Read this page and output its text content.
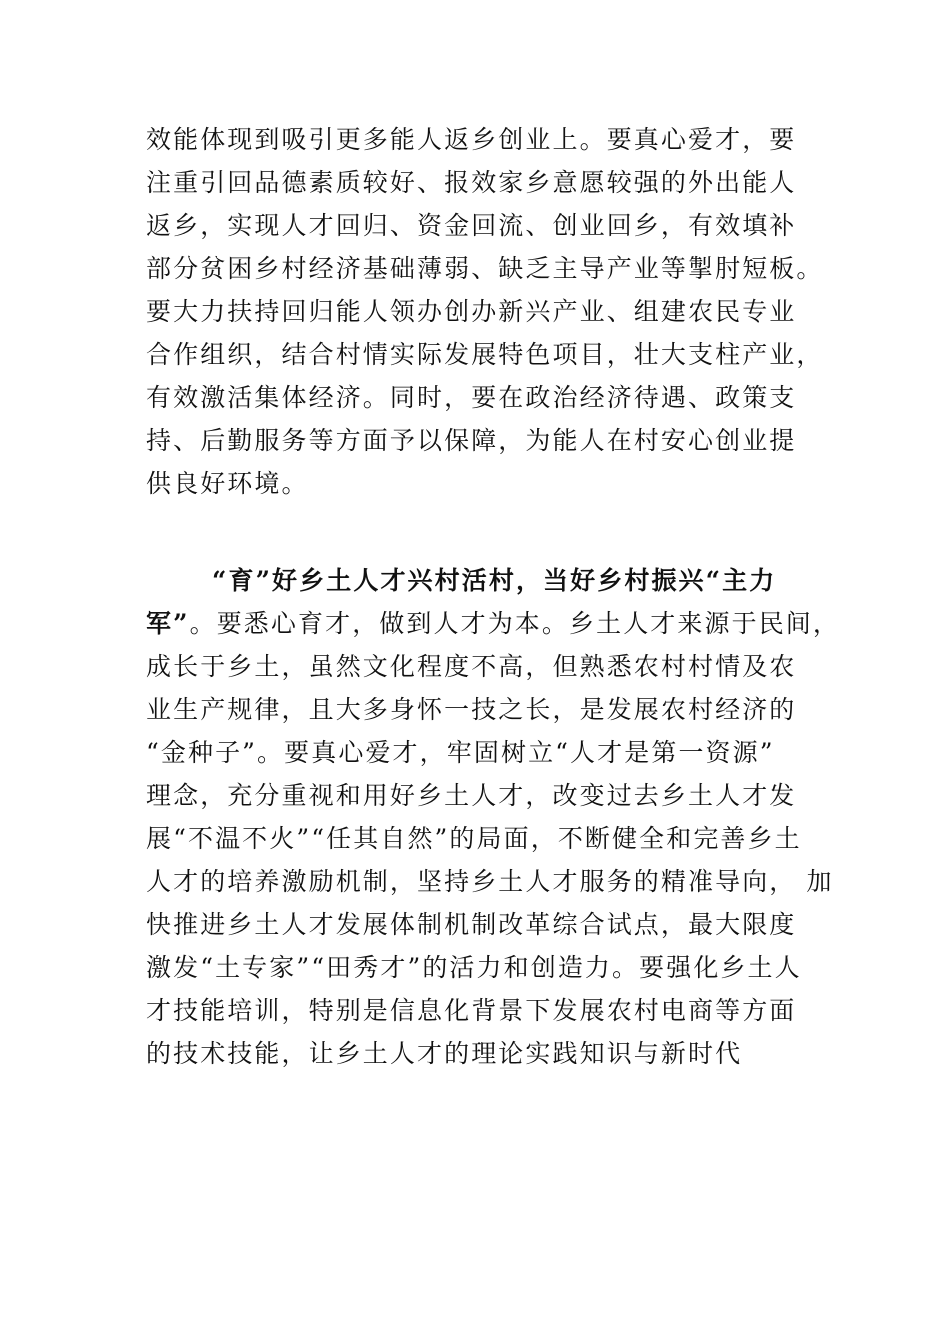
效能体现到吸引更多能人返乡创业上。要真心爱才，要
注重引回品德素质较好、报效家乡意愿较强的外出能人
返乡，实现人才回归、资金回流、创业回乡，有效填补
部分贫困乡村经济基础薄弱、缺乏主导产业等掣肘短板。
要大力扶持回归能人领办创办新兴产业、组建农民专业
合作组织，结合村情实际发展特色项目，壮大支柱产业，
有效激活集体经济。同时，要在政治经济待遇、政策支
持、后勤服务等方面予以保障，为能人在村安心创业提
供良好环境。
“育”好乡土人才兴村活村，当好乡村振兴“主力
军”。要悉心育才，做到人才为本。乡土人才来源于民间，
成长于乡土，虽然文化程度不高，但熟悉农村村情及农
业生产规律，且大多身怀一技之长，是发展农村经济的
“金种子”。要真心爱才，牢固树立“人才是第一资源”
理念，充分重视和用好乡土人才，改变过去乡土人才发
展“不温不火”“任其自然”的局面，不断健全和完善乡土
人才的培养激励机制，坚持乡土人才服务的精准导向， 加
快推进乡土人才发展体制机制改革综合试点，最大限度
激发“土专家”“田秀才”的活力和创造力。要强化乡土人
才技能培训，特别是信息化背景下发展农村电商等方面
的技术技能，让乡土人才的理论实践知识与新时代
